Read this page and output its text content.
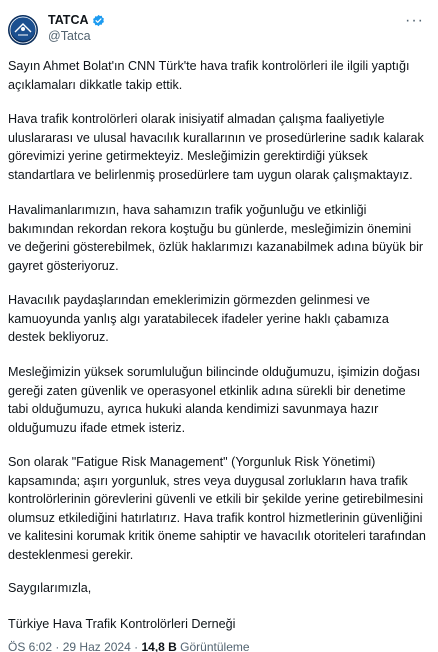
TATCA
@Tatca
···

Sayın Ahmet Bolat'ın CNN Türk'te hava trafik kontrolörleri ile ilgili yaptığı açıklamaları dikkatle takip ettik.

Hava trafik kontrolörleri olarak inisiyatif almadan çalışma faaliyetiyle uluslararası ve ulusal havacılık kurallarının ve prosedürlerine sadık kalarak görevimizi yerine getirmekteyiz. Mesleğimizin gerektirdiği yüksek standartlara ve belirlenmiş prosedürlere tam uygun olarak çalışmaktayız.

Havalimanlarımızın, hava sahamızın trafik yoğunluğu ve etkinliği bakımından rekordan rekora koştuğu bu günlerde, mesleğimizin önemini ve değerini gösterebilmek, özlük haklarımızı kazanabilmek adına büyük bir gayret gösteriyoruz.

Havacılık paydaşlarından emeklerimizin görmezden gelinmesi ve kamuoyunda yanlış algı yaratabilecek ifadeler yerine haklı çabamıza destek bekliyoruz.

Mesleğimizin yüksek sorumluluğun bilincinde olduğumuzu, işimizin doğası gereği zaten güvenlik ve operasyonel etkinlik adına sürekli bir denetime tabi olduğumuzu, ayrıca hukuki alanda kendimizi savunmaya hazır olduğumuzu ifade etmek isteriz.

Son olarak "Fatigue Risk Management" (Yorgunluk Risk Yönetimi) kapsamında; aşırı yorgunluk, stres veya duygusal zorlukların hava trafik kontrolörlerinin görevlerini güvenli ve etkili bir şekilde yerine getirebilmesini olumsuz etkilediğini hatırlatırız. Hava trafik kontrol hizmetlerinin güvenliğini ve kalitesini korumak kritik öneme sahiptir ve havacılık otoriteleri tarafından desteklenmesi gerekir.

Saygılarımızla,

Türkiye Hava Trafik Kontrolörleri Derneği

ÖS 6:02 · 29 Haz 2024 · 14,8 B Görüntüleme
